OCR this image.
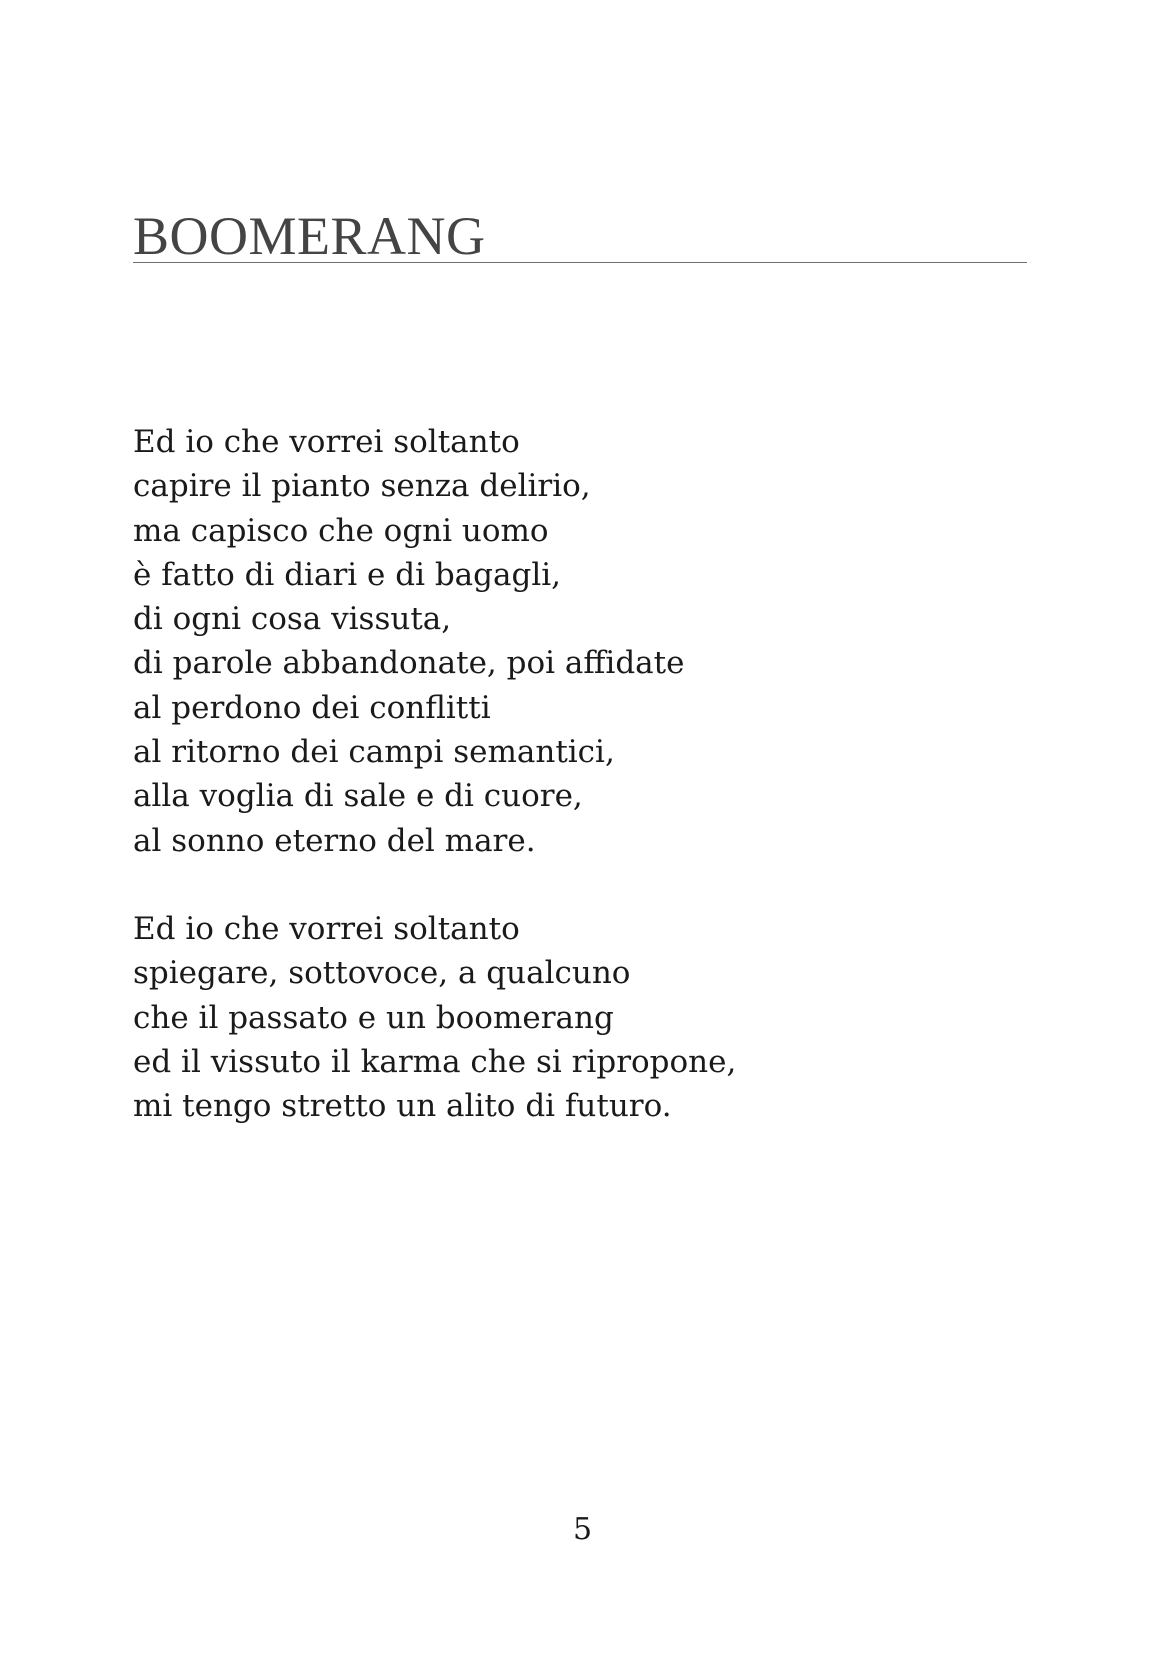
BOOMERANG

Ed io che vorrei soltanto
capire il pianto senza delirio,
ma capisco che ogni uomo
è fatto di diari e di bagagli,
di ogni cosa vissuta,
di parole abbandonate, poi affidate
al perdono dei conflitti
al ritorno dei campi semantici,
alla voglia di sale e di cuore,
al sonno eterno del mare.

Ed io che vorrei soltanto
spiegare, sottovoce, a qualcuno
che il passato e un boomerang
ed il vissuto il karma che si ripropone,
mi tengo stretto un alito di futuro.

5
